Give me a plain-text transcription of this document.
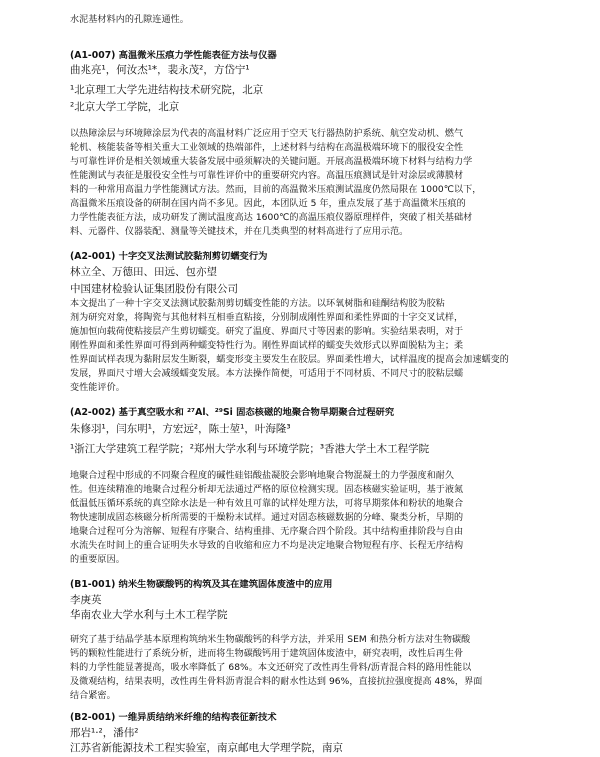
水泥基材料内的孔隙连通性。
(A1-007) 高温微米压痕力学性能表征方法与仪器
曲兆亮¹，何汝杰¹*，裴永茂²，方岱宁¹
¹北京理工大学先进结构技术研究院，北京
²北京大学工学院，北京
以热障涂层与环境障涂层为代表的高温材料广泛应用于空天飞行器热防护系统、航空发动机、燃气
轮机、核能装备等相关重大工业领域的热端部件，上述材料与结构在高温极端环境下的服役安全性
与可靠性评价是相关领域重大装备发展中亟须解决的关键问题。开展高温极端环境下材料与结构力学
性能测试与表征是服役安全性与可靠性评价中的重要研究内容。高温压痕测试是针对涂层或薄膜材
料的一种常用高温力学性能测试方法。然而，目前的高温微米压痕测试温度仍然局限在 1000℃以下，
高温微米压痕设备的研制在国内尚不多见。因此，本团队近 5 年，重点发展了基于高温微米压痕的
力学性能表征方法，成功研发了测试温度高达 1600℃的高温压痕仪器原理样件，突破了相关基础材
料、元器件、仪器装配、测量等关键技术，并在几类典型的材料高进行了应用示范。
(A2-001) 十字交叉法测试胶黏剂剪切蠕变行为
林立全、万德田、田远、包亦望
中国建材检验认证集团股份有限公司
本文提出了一种十字交叉法测试胶黏剂剪切蠕变性能的方法。以环氧树脂和硅酮结构胶为胶粘
剂为研究对象，将陶瓷与其他材料互相垂直粘接，分别制成刚性界面和柔性界面的十字交叉试样，
施加恒向载荷使粘接层产生剪切蠕变。研究了温度、界面尺寸等因素的影响。实验结果表明，对于
刚性界面和柔性界面可得到两种蠕变特性行为。刚性界面试样的蠕变失效形式以界面脱粘为主；柔
性界面试样表现为黏附层发生断裂，蠕变形变主要发生在胶层。界面柔性增大，试样温度的提高会加速蠕变的
发展，界面尺寸增大会减缓蠕变发展。本方法操作简便，可适用于不同材质、不同尺寸的胶粘层蠕
变性能评价。
(A2-002) 基于真空吸水和 ²⁷Al、²⁹Si 固态核磁的地聚合物早期聚合过程研究
朱修羽¹，闫东明¹，方宏远²，陈士堃¹，叶海隆³
¹浙江大学建筑工程学院；²郑州大学水利与环境学院；³香港大学土木工程学院
地聚合过程中形成的不同聚合程度的碱性硅铝酸盐凝胶会影响地聚合物混凝土的力学强度和耐久
性。但连续精准的地聚合过程分析却无法通过严格的原位检测实现。固态核磁实验证明，基于液氮
低温低压循环系统的真空除水法是一种有效且可靠的试样处理方法，可将早期浆体和粉状的地聚合
物快速制成固态核磁分析所需要的干燥粉末试样。通过对固态核磁数据的分峰、聚类分析，早期的
地聚合过程可分为溶解、短程有序聚合、结构重排、无序聚合四个阶段。其中结构重排阶段与自由
水流失在时间上的重合证明失水导致的自收缩和应力不均是决定地聚合物短程有序、长程无序结构
的重要原因。
(B1-001) 纳米生物碳酸钙的构筑及其在建筑固体废渣中的应用
李庚英
华南农业大学水利与土木工程学院
研究了基于结晶学基本原理构筑纳米生物碳酸钙的科学方法，并采用 SEM 和热分析方法对生物碳酸
钙的颗粒性能进行了系统分析，进而将生物碳酸钙用于建筑固体废渣中，研究表明，改性后再生骨
料的力学性能显著提高，吸水率降低了 68%。本文还研究了改性再生骨料/沥青混合料的路用性能以
及微观结构，结果表明，改性再生骨料沥青混合料的耐水性达到 96%，直接抗拉强度提高 48%，界面
结合紧密。
(B2-001) 一维异质结纳米纤维的结构表征新技术
邢岩¹·²，潘伟²
江苏省新能源技术工程实验室，南京邮电大学理学院，南京
